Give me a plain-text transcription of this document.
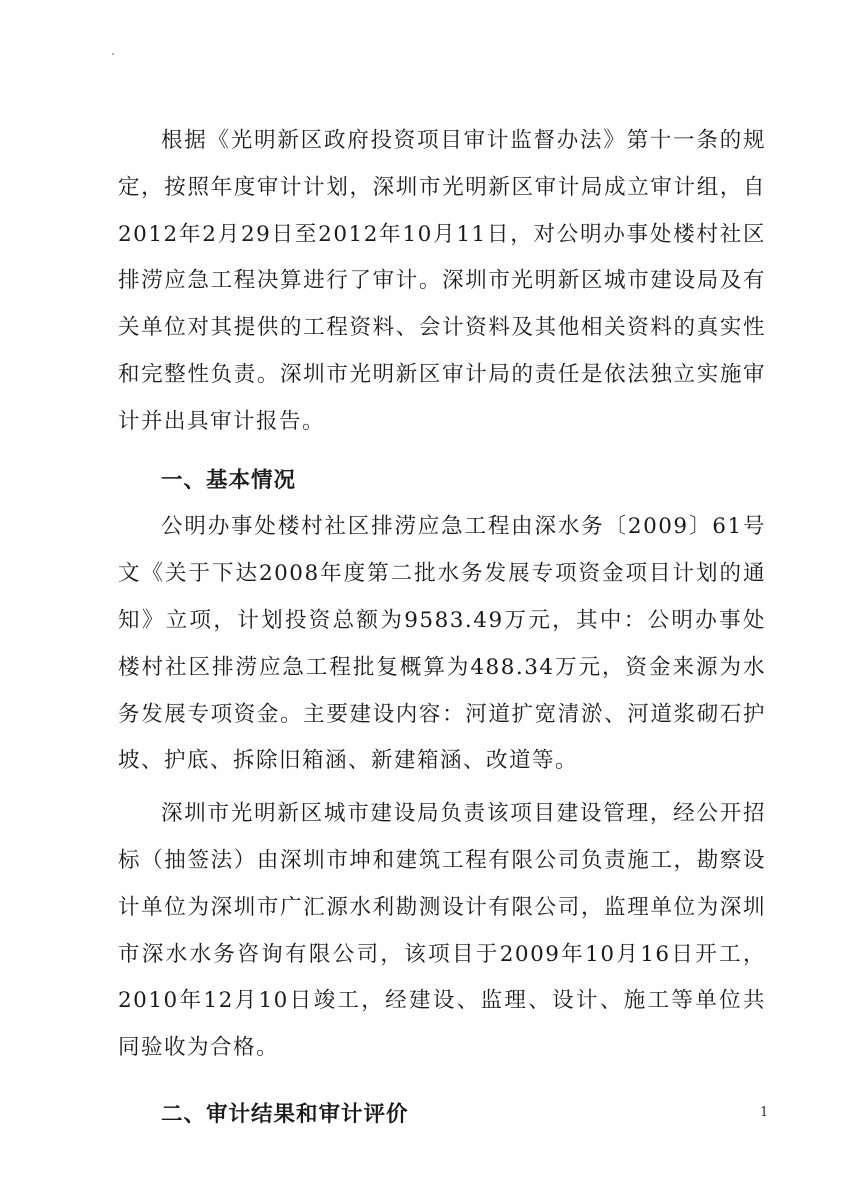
根据《光明新区政府投资项目审计监督办法》第十一条的规定，按照年度审计计划，深圳市光明新区审计局成立审计组，自2012年2月29日至2012年10月11日，对公明办事处楼村社区排涝应急工程决算进行了审计。深圳市光明新区城市建设局及有关单位对其提供的工程资料、会计资料及其他相关资料的真实性和完整性负责。深圳市光明新区审计局的责任是依法独立实施审计并出具审计报告。

一、基本情况

公明办事处楼村社区排涝应急工程由深水务〔2009〕61号文《关于下达2008年度第二批水务发展专项资金项目计划的通知》立项，计划投资总额为9583.49万元，其中：公明办事处楼村社区排涝应急工程批复概算为488.34万元，资金来源为水务发展专项资金。主要建设内容：河道扩宽清淤、河道浆砌石护坡、护底、拆除旧箱涵、新建箱涵、改道等。

深圳市光明新区城市建设局负责该项目建设管理，经公开招标（抽签法）由深圳市坤和建筑工程有限公司负责施工，勘察设计单位为深圳市广汇源水利勘测设计有限公司，监理单位为深圳市深水水务咨询有限公司，该项目于2009年10月16日开工，2010年12月10日竣工，经建设、监理、设计、施工等单位共同验收为合格。

二、审计结果和审计评价	1
